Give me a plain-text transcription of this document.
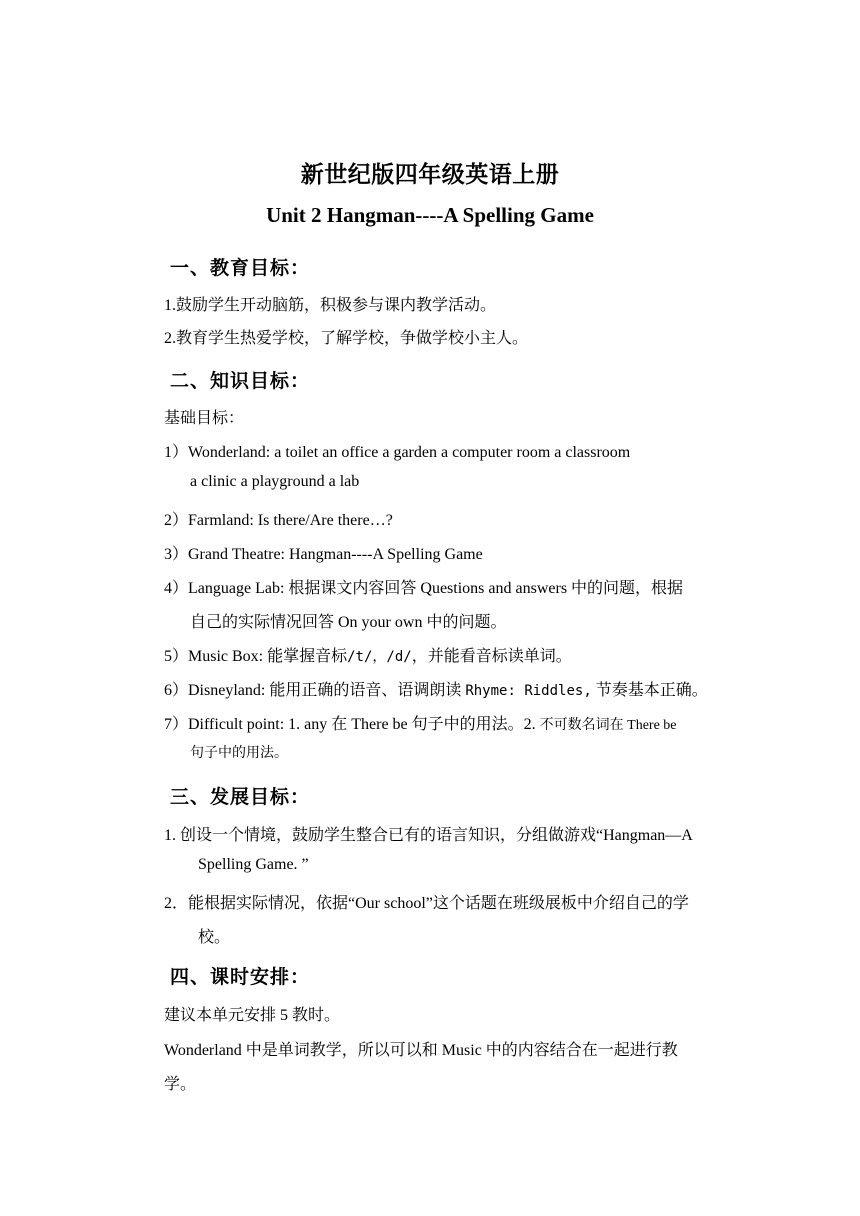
新世纪版四年级英语上册
Unit 2 Hangman----A Spelling Game
一、教育目标：
1.鼓励学生开动脑筋，积极参与课内教学活动。
2.教育学生热爱学校，了解学校，争做学校小主人。
二、知识目标：
基础目标：
1）Wonderland: a toilet an office a garden a computer room a classroom
a clinic a playground a lab
2）Farmland: Is there/Are there…?
3）Grand Theatre: Hangman----A Spelling Game
4）Language Lab: 根据课文内容回答 Questions and answers 中的问题，根据
自己的实际情况回答 On your own 中的问题。
5）Music Box: 能掌握音标/t/，/d/，并能看音标读单词。
6）Disneyland: 能用正确的语音、语调朗读 Rhyme: Riddles, 节奏基本正确。
7）Difficult point: 1. any 在 There be 句子中的用法。2. 不可数名词在 There be
句子中的用法。
三、发展目标：
1. 创设一个情境，鼓励学生整合已有的语言知识，分组做游戏“Hangman—A
Spelling Game. ”
2．能根据实际情况，依据“Our school”这个话题在班级展板中介绍自己的学
校。
四、课时安排：
建议本单元安排 5 教时。
Wonderland 中是单词教学，所以可以和 Music 中的内容结合在一起进行教
学。
